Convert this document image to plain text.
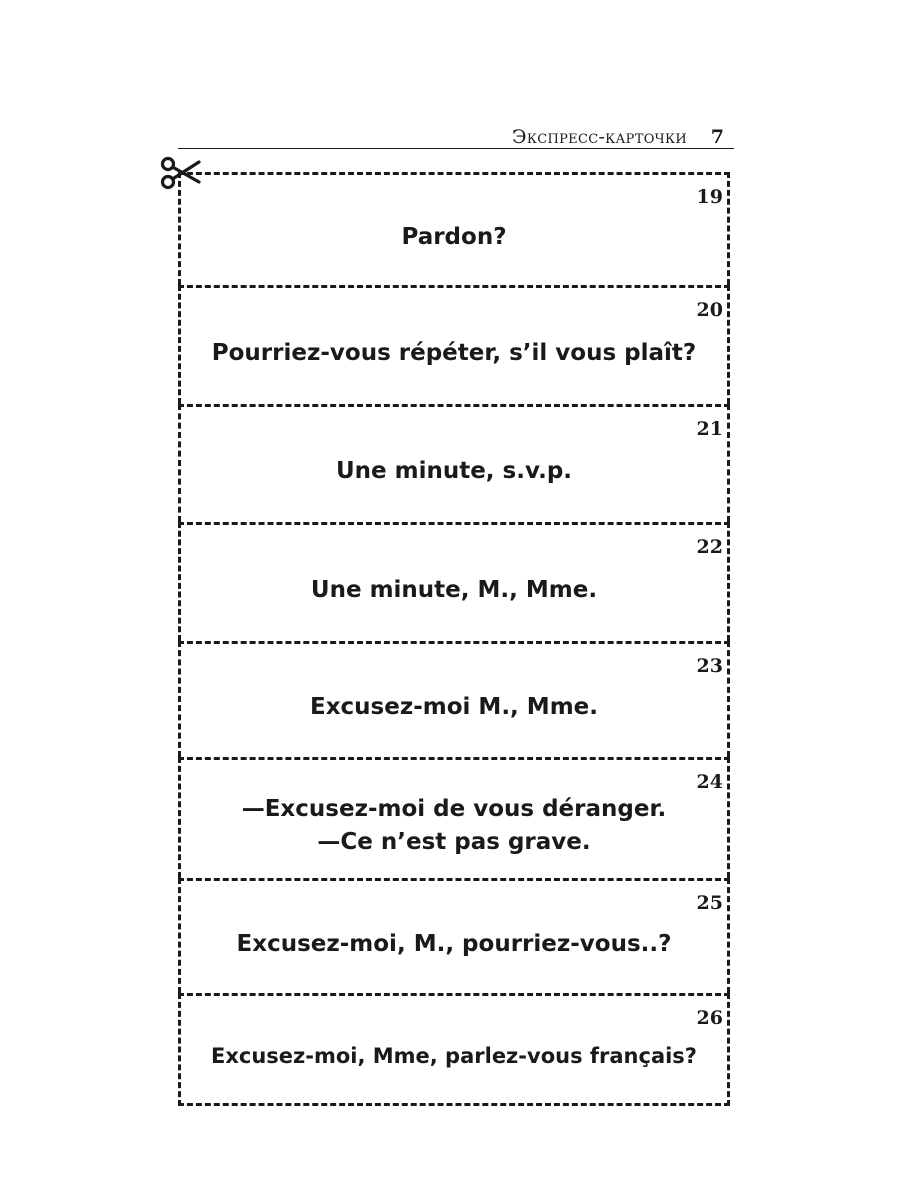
Экспресс-карточки 7
19
Pardon?
20
Pourriez-vous répéter, s’il vous plaît?
21
Une minute, s.v.p.
22
Une minute, M., Mme.
23
Excusez-moi M., Mme.
24
—Excusez-moi de vous déranger.
—Ce n’est pas grave.
25
Excusez-moi, M., pourriez-vous..?
26
Excusez-moi, Mme, parlez-vous français?
